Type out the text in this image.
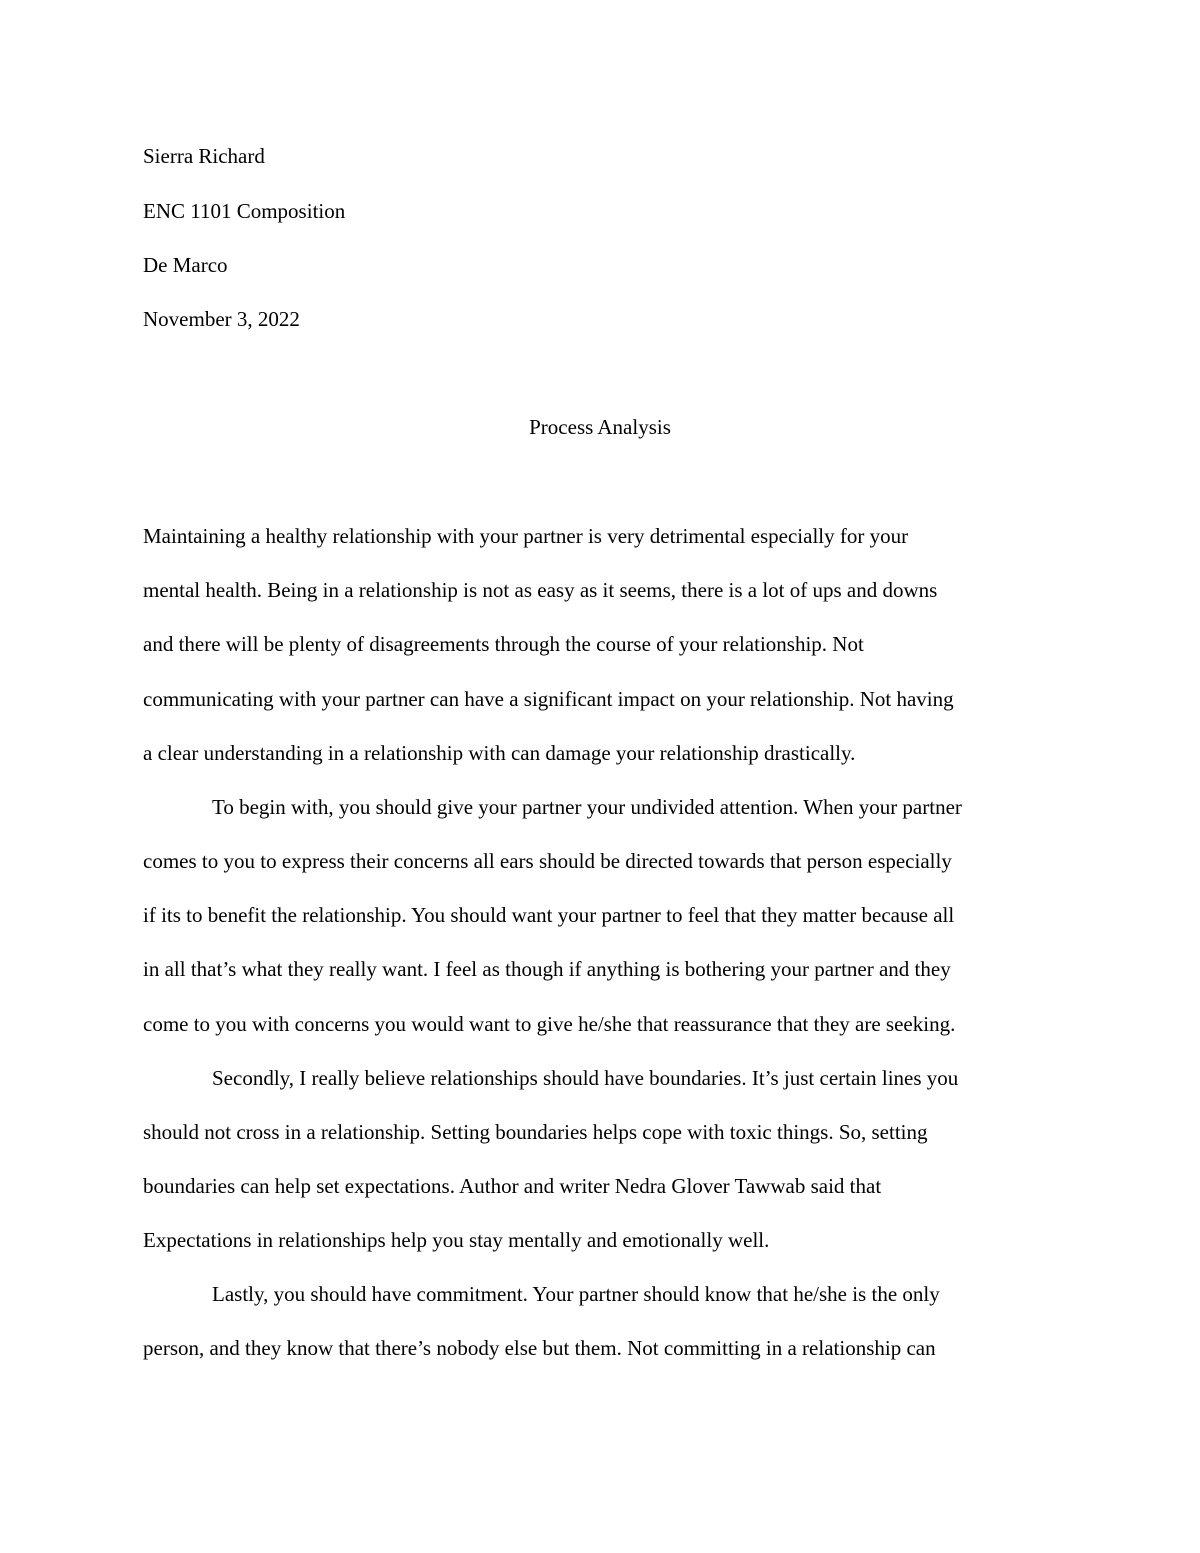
Sierra Richard
ENC 1101 Composition
De Marco
November 3, 2022
Process Analysis
Maintaining a healthy relationship with your partner is very detrimental especially for your
mental health. Being in a relationship is not as easy as it seems, there is a lot of ups and downs
and there will be plenty of disagreements through the course of your relationship. Not
communicating with your partner can have a significant impact on your relationship. Not having
a clear understanding in a relationship with can damage your relationship drastically.
To begin with, you should give your partner your undivided attention. When your partner
comes to you to express their concerns all ears should be directed towards that person especially
if its to benefit the relationship. You should want your partner to feel that they matter because all
in all that’s what they really want. I feel as though if anything is bothering your partner and they
come to you with concerns you would want to give he/she that reassurance that they are seeking.
Secondly, I really believe relationships should have boundaries. It’s just certain lines you
should not cross in a relationship. Setting boundaries helps cope with toxic things. So, setting
boundaries can help set expectations. Author and writer Nedra Glover Tawwab said that
Expectations in relationships help you stay mentally and emotionally well.
Lastly, you should have commitment. Your partner should know that he/she is the only
person, and they know that there’s nobody else but them. Not committing in a relationship can
